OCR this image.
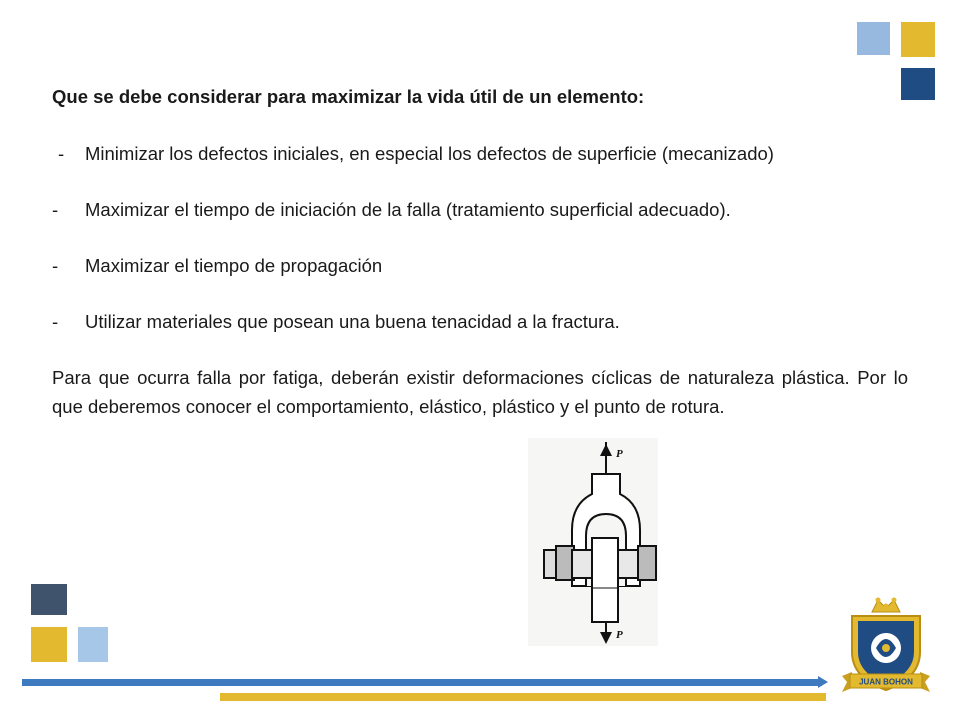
Que se debe considerar para maximizar la vida útil de un elemento:

-	Minimizar los defectos iniciales, en especial los defectos de superficie (mecanizado)

-	Maximizar el tiempo de iniciación de la falla (tratamiento superficial adecuado).

-	Maximizar el tiempo de propagación

-	Utilizar materiales que posean una buena tenacidad a la fractura.

Para que ocurra falla por fatiga, deberán existir deformaciones cíclicas de naturaleza plástica. Por lo que deberemos conocer el comportamiento, elástico, plástico y el punto de rotura.

P
P
JUAN BOHON
